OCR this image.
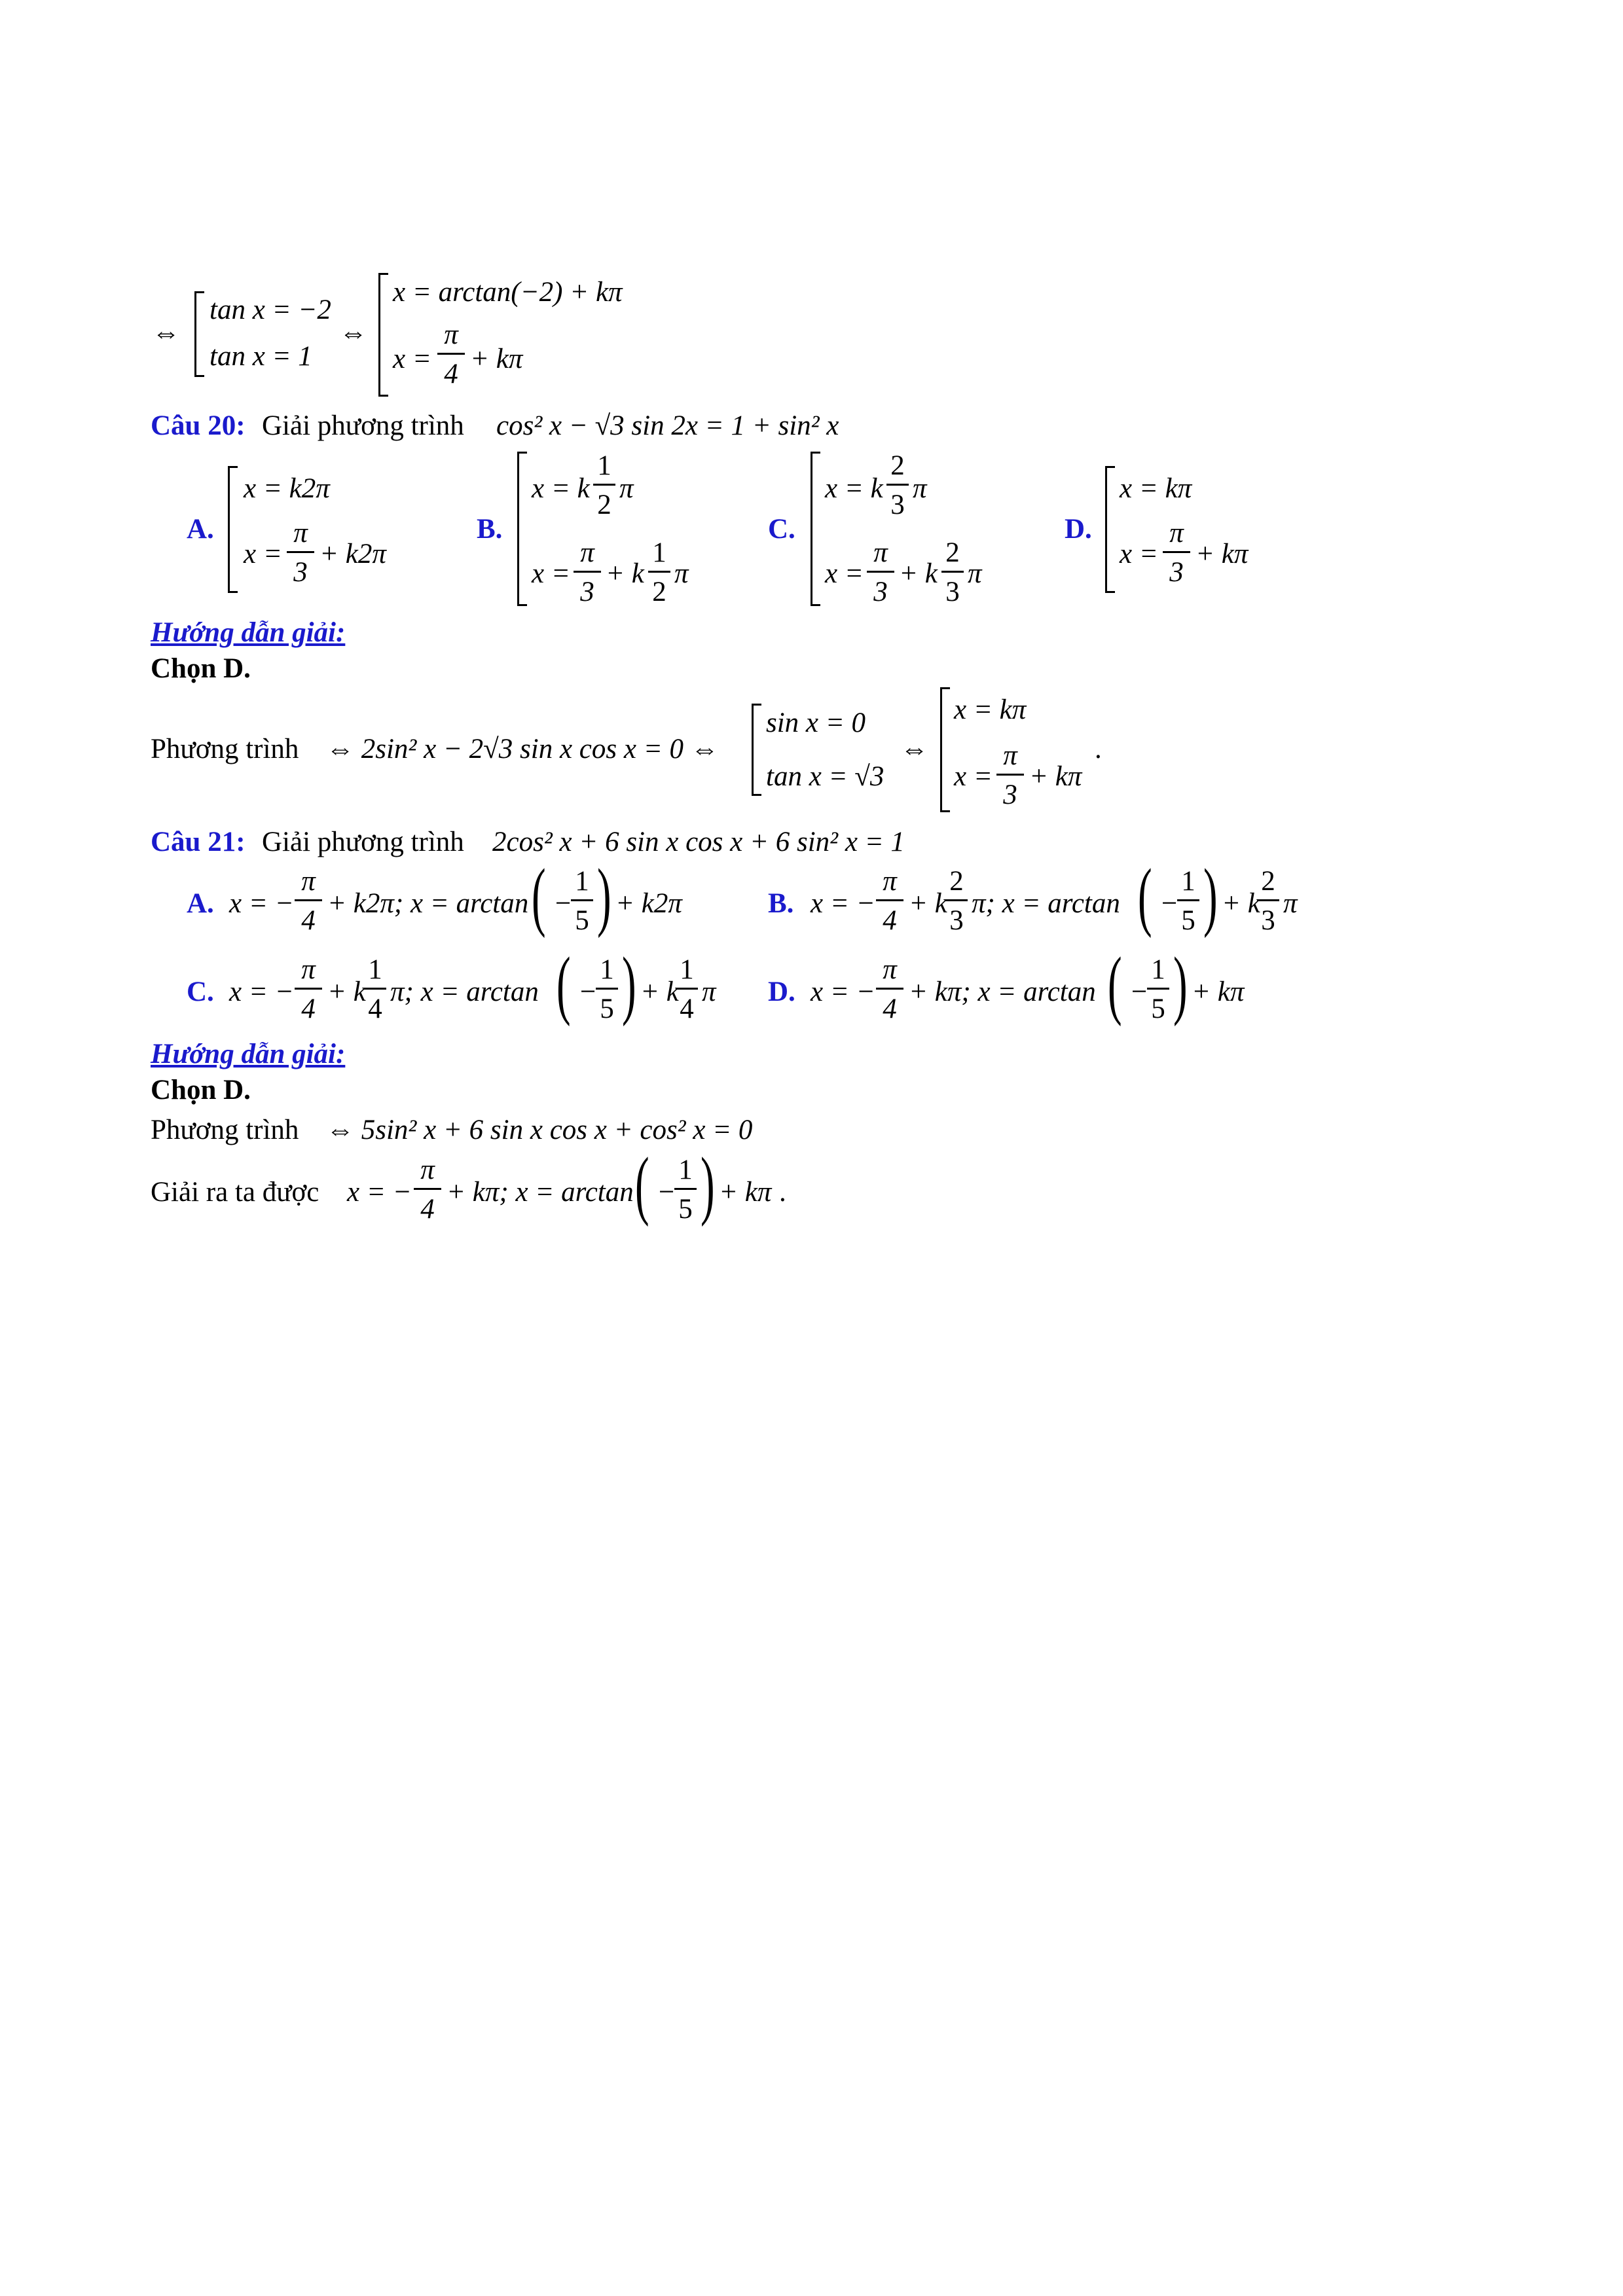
⇔
tan x = −2
tan x = 1
⇔
x = arctan(−2) + kπ
x =
π
4 + kπ
Câu 20: Giải phương trình cos² x − √3 sin 2x = 1 + sin² x
A.
x = k2π
x =
π
3
+ k2π
B.
x = k
1
2
π
x =
π
3
+ k
1
2
π
C.
x = k
2
3
π
x =
π
3
+ k
2
3
π
D.
x = kπ
x =
π
3
+ kπ
Hướng dẫn giải:
Chọn D.
Phương trình ⇔ 2sin² x − 2√3 sin x cos x = 0 ⇔
sin x = 0
tan x = √3
⇔
x = kπ
x =
π
3
+ kπ
.
Câu 21: Giải phương trình 2cos² x + 6 sin x cos x + 6 sin² x = 1
A. x = −
π
4
+ k2π; x = arctan ( −
1
5 ) + k2π	B. x = −
π
4
+ k
2
3
π; x = arctan ( −
1
5 ) + k
2
3
π
C. x = −
π
4
+ k
1
4
π; x = arctan ( −
1
5 ) + k
1
4
π D. x = −
π
4
+ kπ; x = arctan ( −
1
5 ) + kπ
Hướng dẫn giải:
Chọn D.
Phương trình ⇔ 5sin² x + 6 sin x cos x + cos² x = 0
Giải ra ta được x = −
π
4
+ kπ; x = arctan ( −
1
5 ) + kπ .
